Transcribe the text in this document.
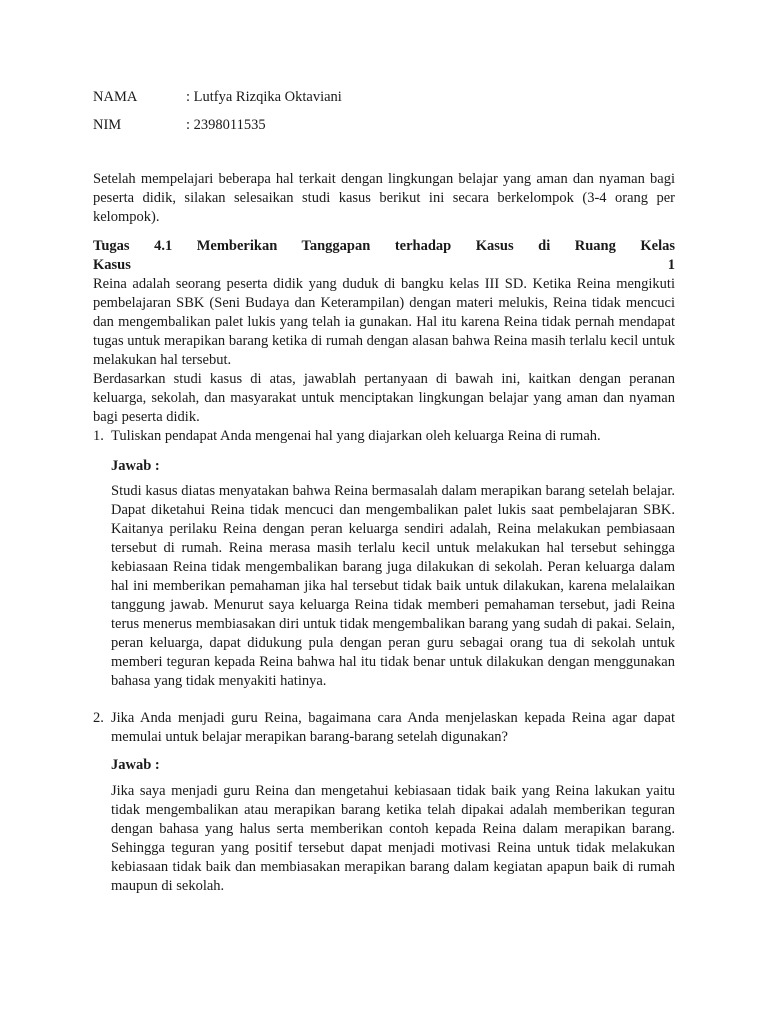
NAMA	: Lutfya Rizqika Oktaviani
NIM	: 2398011535

Setelah mempelajari beberapa hal terkait dengan lingkungan belajar yang aman dan nyaman bagi peserta didik, silakan selesaikan studi kasus berikut ini secara berkelompok (3-4 orang per kelompok).

Tugas 4.1 Memberikan Tanggapan terhadap Kasus di Ruang Kelas

Kasus	1

Reina adalah seorang peserta didik yang duduk di bangku kelas III SD. Ketika Reina mengikuti pembelajaran SBK (Seni Budaya dan Keterampilan) dengan materi melukis, Reina tidak mencuci dan mengembalikan palet lukis yang telah ia gunakan. Hal itu karena Reina tidak pernah mendapat tugas untuk merapikan barang ketika di rumah dengan alasan bahwa Reina masih terlalu kecil untuk melakukan hal tersebut.

Berdasarkan studi kasus di atas, jawablah pertanyaan di bawah ini, kaitkan dengan peranan keluarga, sekolah, dan masyarakat untuk menciptakan lingkungan belajar yang aman dan nyaman bagi peserta didik.

1. Tuliskan pendapat Anda mengenai hal yang diajarkan oleh keluarga Reina di rumah.
Jawab :

Studi kasus diatas menyatakan bahwa Reina bermasalah dalam merapikan barang setelah belajar. Dapat diketahui Reina tidak mencuci dan mengembalikan palet lukis saat pembelajaran SBK. Kaitanya perilaku Reina dengan peran keluarga sendiri adalah, Reina melakukan pembiasaan tersebut di rumah. Reina merasa masih terlalu kecil untuk melakukan hal tersebut sehingga kebiasaan Reina tidak mengembalikan barang juga dilakukan di sekolah. Peran keluarga dalam hal ini memberikan pemahaman jika hal tersebut tidak baik untuk dilakukan, karena melalaikan tanggung jawab. Menurut saya keluarga Reina tidak memberi pemahaman tersebut, jadi Reina terus menerus membiasakan diri untuk tidak mengembalikan barang yang sudah di pakai. Selain, peran keluarga, dapat didukung pula dengan peran guru sebagai orang tua di sekolah untuk memberi teguran kepada Reina bahwa hal itu tidak benar untuk dilakukan dengan menggunakan bahasa yang tidak menyakiti hatinya.

2. Jika Anda menjadi guru Reina, bagaimana cara Anda menjelaskan kepada Reina agar dapat memulai untuk belajar merapikan barang-barang setelah digunakan?
Jawab :

Jika saya menjadi guru Reina dan mengetahui kebiasaan tidak baik yang Reina lakukan yaitu tidak mengembalikan atau merapikan barang ketika telah dipakai adalah memberikan teguran dengan bahasa yang halus serta memberikan contoh kepada Reina dalam merapikan barang. Sehingga teguran yang positif tersebut dapat menjadi motivasi Reina untuk tidak melakukan kebiasaan tidak baik dan membiasakan merapikan barang dalam kegiatan apapun baik di rumah maupun di sekolah.
